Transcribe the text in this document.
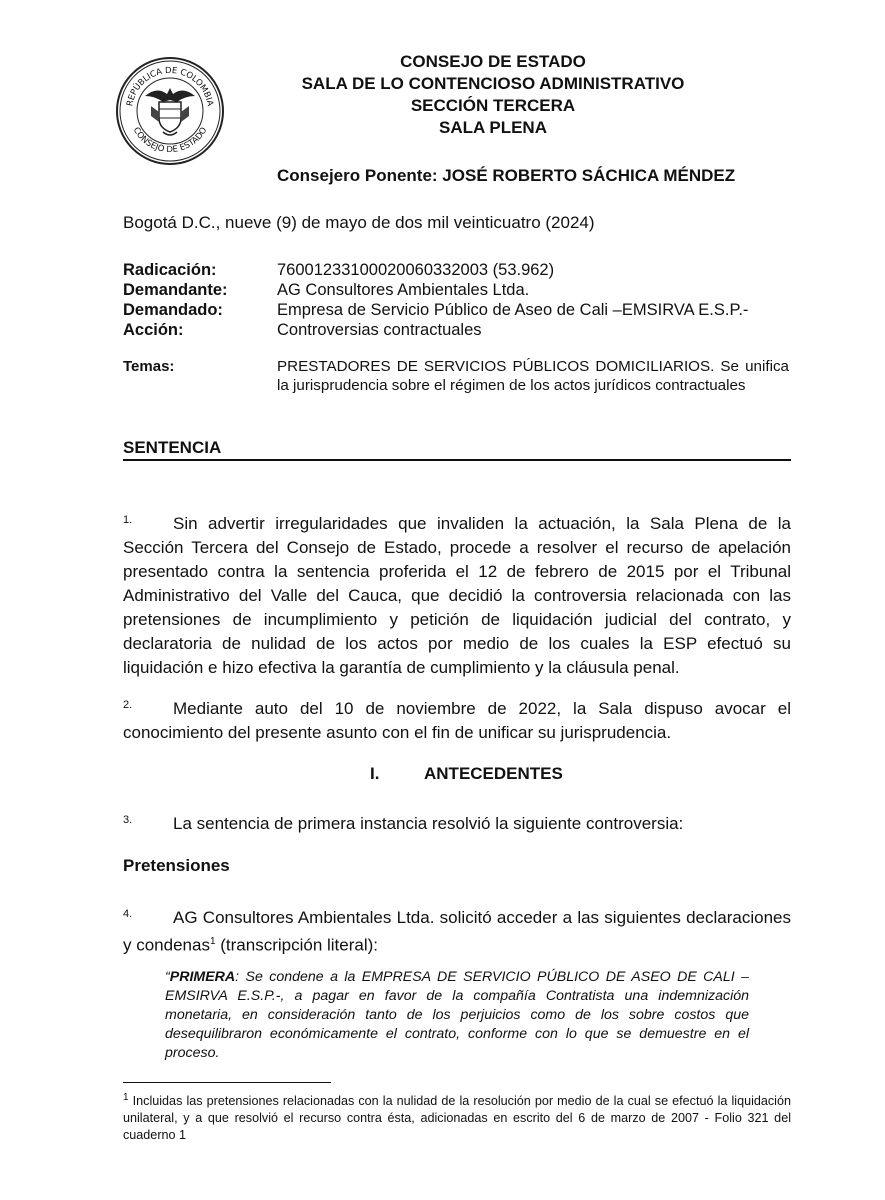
REPÚBLICA DE COLOMBIA
CONSEJO DE ESTADO
CONSEJO DE ESTADO
SALA DE LO CONTENCIOSO ADMINISTRATIVO
SECCIÓN TERCERA
SALA PLENA
Consejero Ponente: JOSÉ ROBERTO SÁCHICA MÉNDEZ
Bogotá D.C., nueve (9) de mayo de dos mil veinticuatro (2024)
Radicación:	76001233100020060332003 (53.962)
Demandante:	AG Consultores Ambientales Ltda.
Demandado:	Empresa de Servicio Público de Aseo de Cali –EMSIRVA E.S.P.-
Acción:	Controversias contractuales
Temas:	PRESTADORES DE SERVICIOS PÚBLICOS DOMICILIARIOS. Se unifica la jurisprudencia sobre el régimen de los actos jurídicos contractuales
SENTENCIA
1. Sin advertir irregularidades que invaliden la actuación, la Sala Plena de la Sección Tercera del Consejo de Estado, procede a resolver el recurso de apelación presentado contra la sentencia proferida el 12 de febrero de 2015 por el Tribunal Administrativo del Valle del Cauca, que decidió la controversia relacionada con las pretensiones de incumplimiento y petición de liquidación judicial del contrato, y declaratoria de nulidad de los actos por medio de los cuales la ESP efectuó su liquidación e hizo efectiva la garantía de cumplimiento y la cláusula penal.
2. Mediante auto del 10 de noviembre de 2022, la Sala dispuso avocar el conocimiento del presente asunto con el fin de unificar su jurisprudencia.
I.	ANTECEDENTES
3. La sentencia de primera instancia resolvió la siguiente controversia:
Pretensiones
4. AG Consultores Ambientales Ltda. solicitó acceder a las siguientes declaraciones y condenas$^1$ (transcripción literal):
“PRIMERA: Se condene a la EMPRESA DE SERVICIO PÚBLICO DE ASEO DE CALI – EMSIRVA E.S.P.-, a pagar en favor de la compañía Contratista una indemnización monetaria, en consideración tanto de los perjuicios como de los sobre costos que desequilibraron económicamente el contrato, conforme con lo que se demuestre en el proceso.
$^1$ Incluidas las pretensiones relacionadas con la nulidad de la resolución por medio de la cual se efectuó la liquidación unilateral, y a que resolvió el recurso contra ésta, adicionadas en escrito del 6 de marzo de 2007 - Folio 321 del cuaderno 1
